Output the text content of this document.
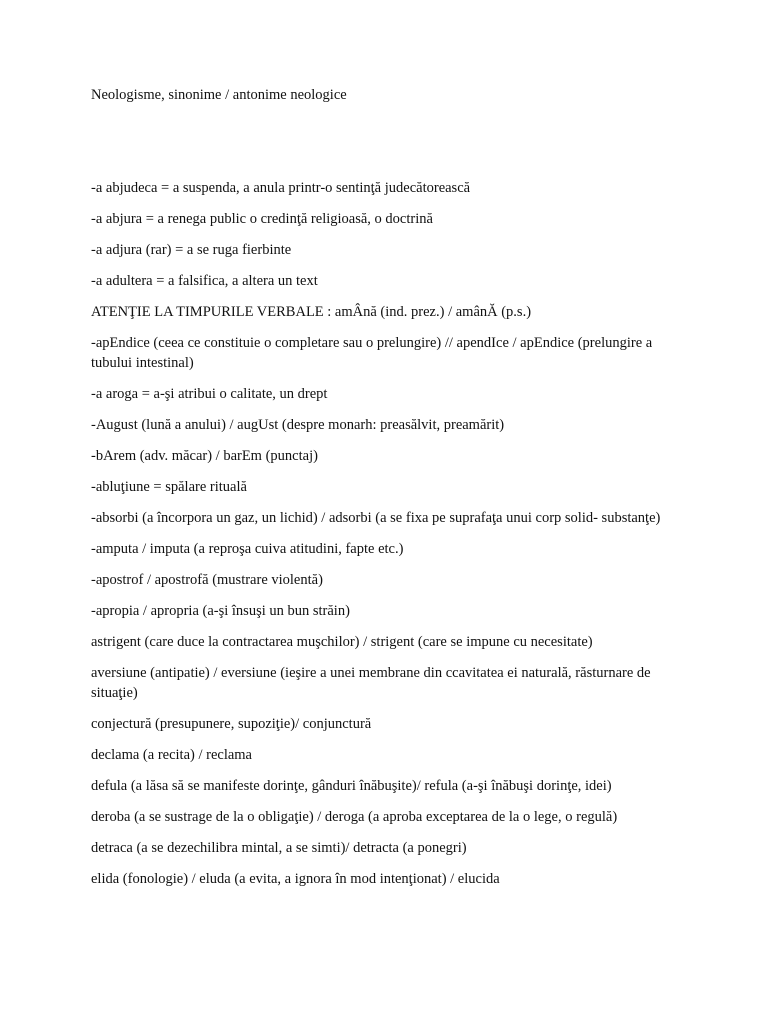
Neologisme, sinonime / antonime neologice

-a abjudeca = a suspenda, a anula printr-o sentinţă judecătorească
-a abjura = a renega public o credinţă religioasă, o doctrină
-a adjura (rar) = a se ruga fierbinte
-a adultera = a falsifica, a altera un text
ATENŢIE LA TIMPURILE VERBALE : amÂnă (ind. prez.) / amânĂ (p.s.)
-apEndice (ceea ce constituie o completare sau o prelungire) // apendIce / apEndice (prelungire a tubului intestinal)
-a aroga = a-şi atribui o calitate, un drept
-August (lună a anului) / augUst (despre monarh: preasălvit, preamărit)
-bArem (adv. măcar) / barEm (punctaj)
-abluţiune = spălare rituală
-absorbi (a încorpora un gaz, un lichid) / adsorbi (a se fixa pe suprafaţa unui corp solid- substanţe)
-amputa / imputa (a reproşa cuiva atitudini, fapte etc.)
-apostrof / apostrofă (mustrare violentă)
-apropia / apropria (a-şi însuşi un bun străin)
astrigent (care duce la contractarea muşchilor) / strigent (care se impune cu necesitate)
aversiune (antipatie) / eversiune (ieşire a unei membrane din ccavitatea ei naturală, răsturnare de situaţie)
conjectură (presupunere, supoziţie)/ conjunctură
declama (a recita) / reclama
defula (a lăsa să se manifeste dorinţe, gânduri înăbuşite)/ refula (a-şi înăbuşi dorinţe, idei)
deroba (a se sustrage de la o obligaţie) / deroga (a aproba exceptarea de la o lege, o regulă)
detraca (a se dezechilibra mintal, a se simti)/ detracta (a ponegri)
elida (fonologie) / eluda (a evita, a ignora în mod intenţionat) / elucida
